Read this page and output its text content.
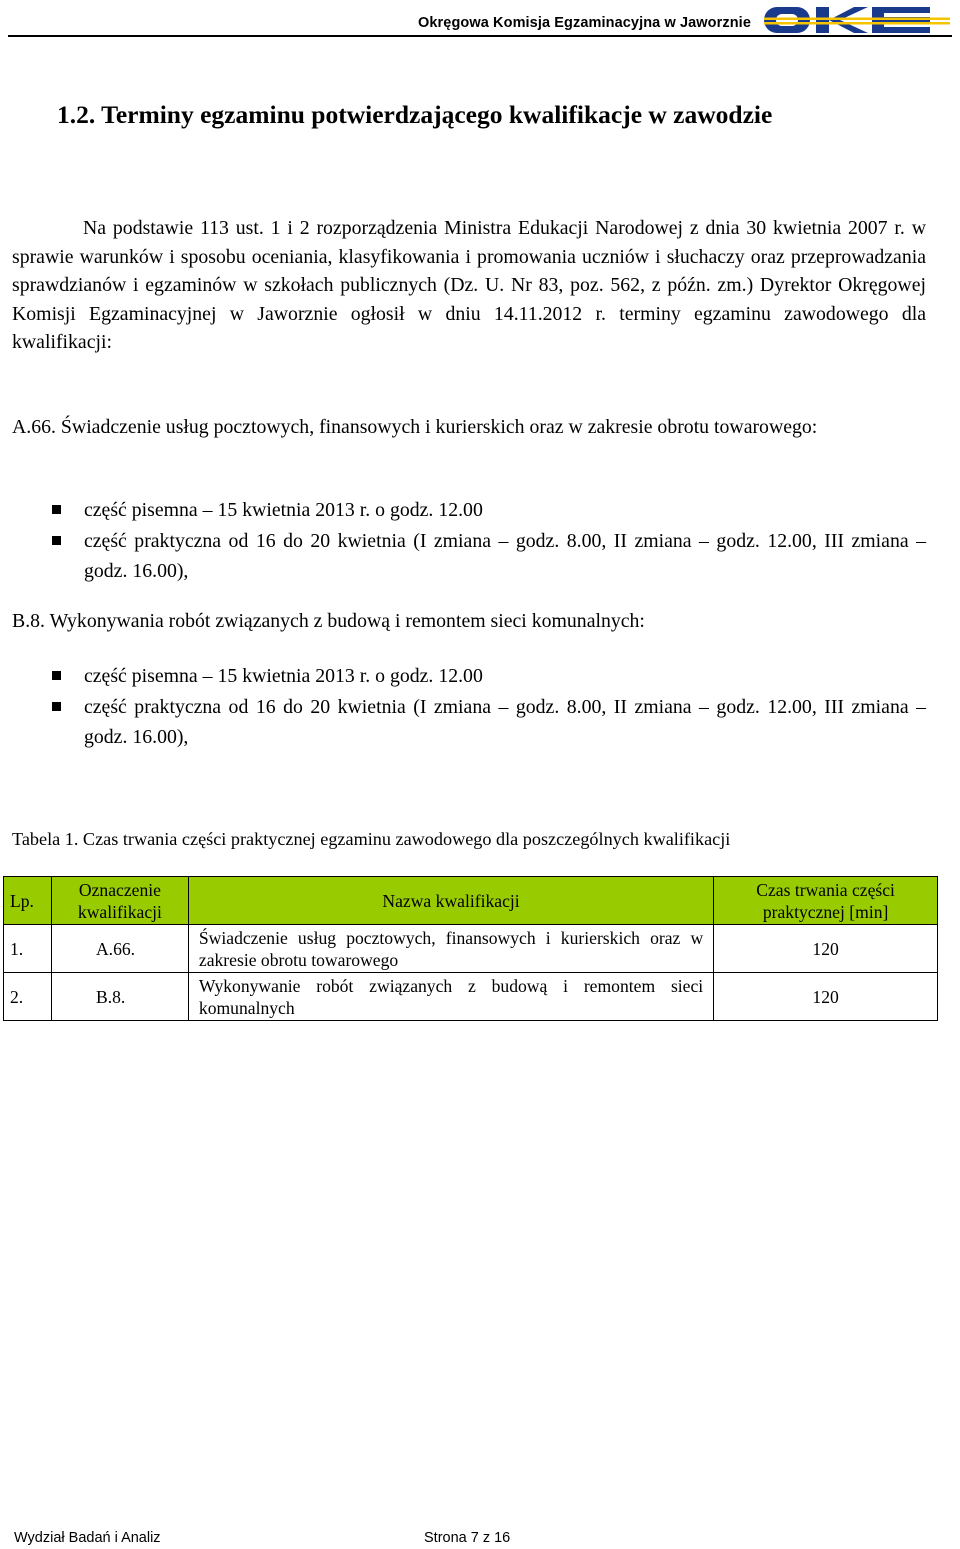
Okręgowa Komisja Egzaminacyjna w Jaworznie
1.2. Terminy egzaminu potwierdzającego kwalifikacje w zawodzie
Na podstawie 113 ust. 1 i 2 rozporządzenia Ministra Edukacji Narodowej z dnia 30 kwietnia 2007 r. w sprawie warunków i sposobu oceniania, klasyfikowania i promowania uczniów i słuchaczy oraz przeprowadzania sprawdzianów i egzaminów w szkołach publicznych (Dz. U. Nr 83, poz. 562, z późn. zm.) Dyrektor Okręgowej Komisji Egzaminacyjnej w Jaworznie ogłosił w dniu 14.11.2012 r. terminy egzaminu zawodowego dla kwalifikacji:
A.66. Świadczenie usług pocztowych, finansowych i kurierskich oraz w zakresie obrotu towarowego:
część pisemna – 15 kwietnia 2013 r. o godz. 12.00
część praktyczna od 16 do 20 kwietnia (I zmiana – godz. 8.00, II zmiana – godz. 12.00, III zmiana – godz. 16.00),
B.8. Wykonywania robót związanych z budową i remontem sieci komunalnych:
część pisemna – 15 kwietnia 2013 r. o godz. 12.00
część praktyczna od 16 do 20 kwietnia (I zmiana – godz. 8.00, II zmiana – godz. 12.00, III zmiana – godz. 16.00),
Tabela 1. Czas trwania części praktycznej egzaminu zawodowego dla poszczególnych kwalifikacji
Lp.	Oznaczenie kwalifikacji	Nazwa kwalifikacji	Czas trwania części praktycznej [min]
1.	A.66.	Świadczenie usług pocztowych, finansowych i kurierskich oraz w zakresie obrotu towarowego	120
2.	B.8.	Wykonywanie robót związanych z budową i remontem sieci komunalnych	120
Wydział Badań i Analiz	Strona 7 z 16
